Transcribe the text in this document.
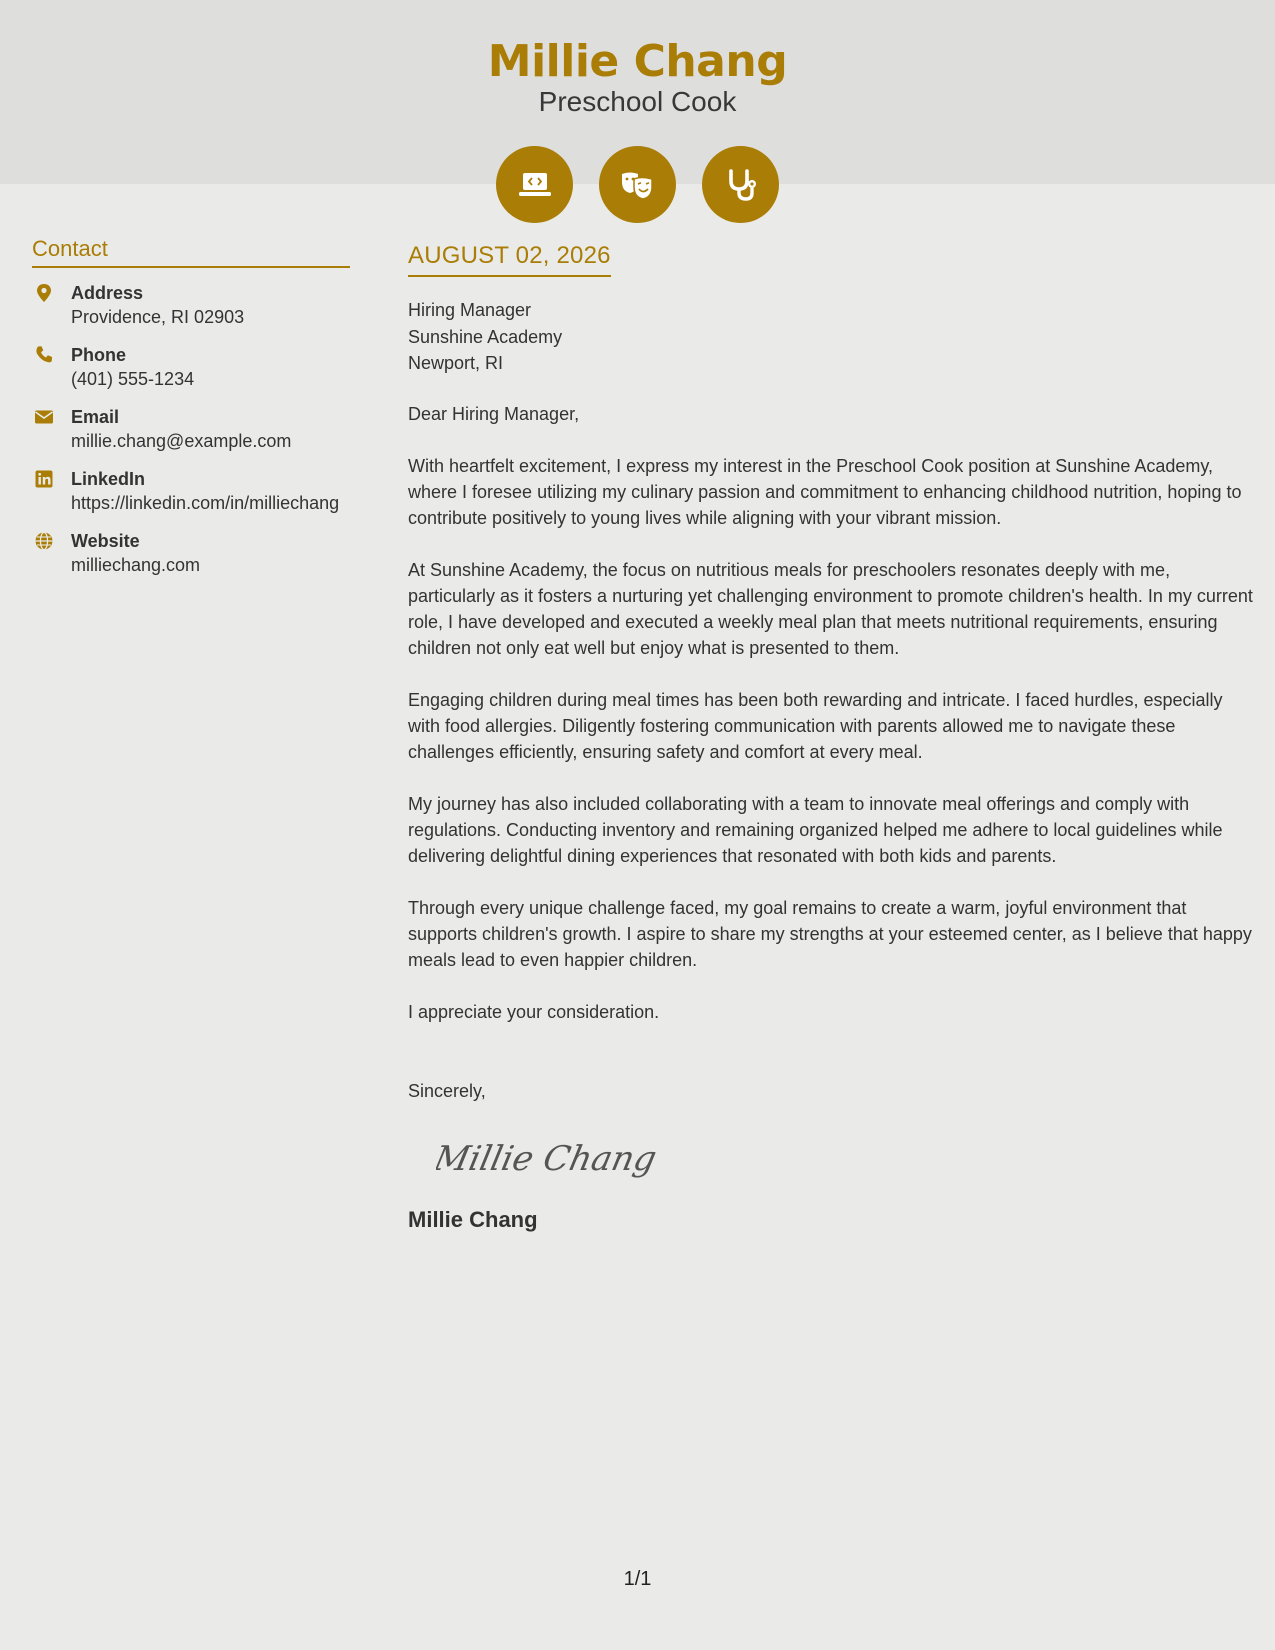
Millie Chang
Preschool Cook
Contact
Address
Providence, RI 02903
Phone
(401) 555-1234
Email
millie.chang@example.com
LinkedIn
https://linkedin.com/in/milliechang
Website
milliechang.com
AUGUST 02, 2026
Hiring Manager
Sunshine Academy
Newport, RI
Dear Hiring Manager,
With heartfelt excitement, I express my interest in the Preschool Cook position at Sunshine Academy, where I foresee utilizing my culinary passion and commitment to enhancing childhood nutrition, hoping to contribute positively to young lives while aligning with your vibrant mission.
At Sunshine Academy, the focus on nutritious meals for preschoolers resonates deeply with me, particularly as it fosters a nurturing yet challenging environment to promote children's health. In my current role, I have developed and executed a weekly meal plan that meets nutritional requirements, ensuring children not only eat well but enjoy what is presented to them.
Engaging children during meal times has been both rewarding and intricate. I faced hurdles, especially with food allergies. Diligently fostering communication with parents allowed me to navigate these challenges efficiently, ensuring safety and comfort at every meal.
My journey has also included collaborating with a team to innovate meal offerings and comply with regulations. Conducting inventory and remaining organized helped me adhere to local guidelines while delivering delightful dining experiences that resonated with both kids and parents.
Through every unique challenge faced, my goal remains to create a warm, joyful environment that supports children's growth. I aspire to share my strengths at your esteemed center, as I believe that happy meals lead to even happier children.
I appreciate your consideration.
Sincerely,
Millie Chang
Millie Chang
1/1
